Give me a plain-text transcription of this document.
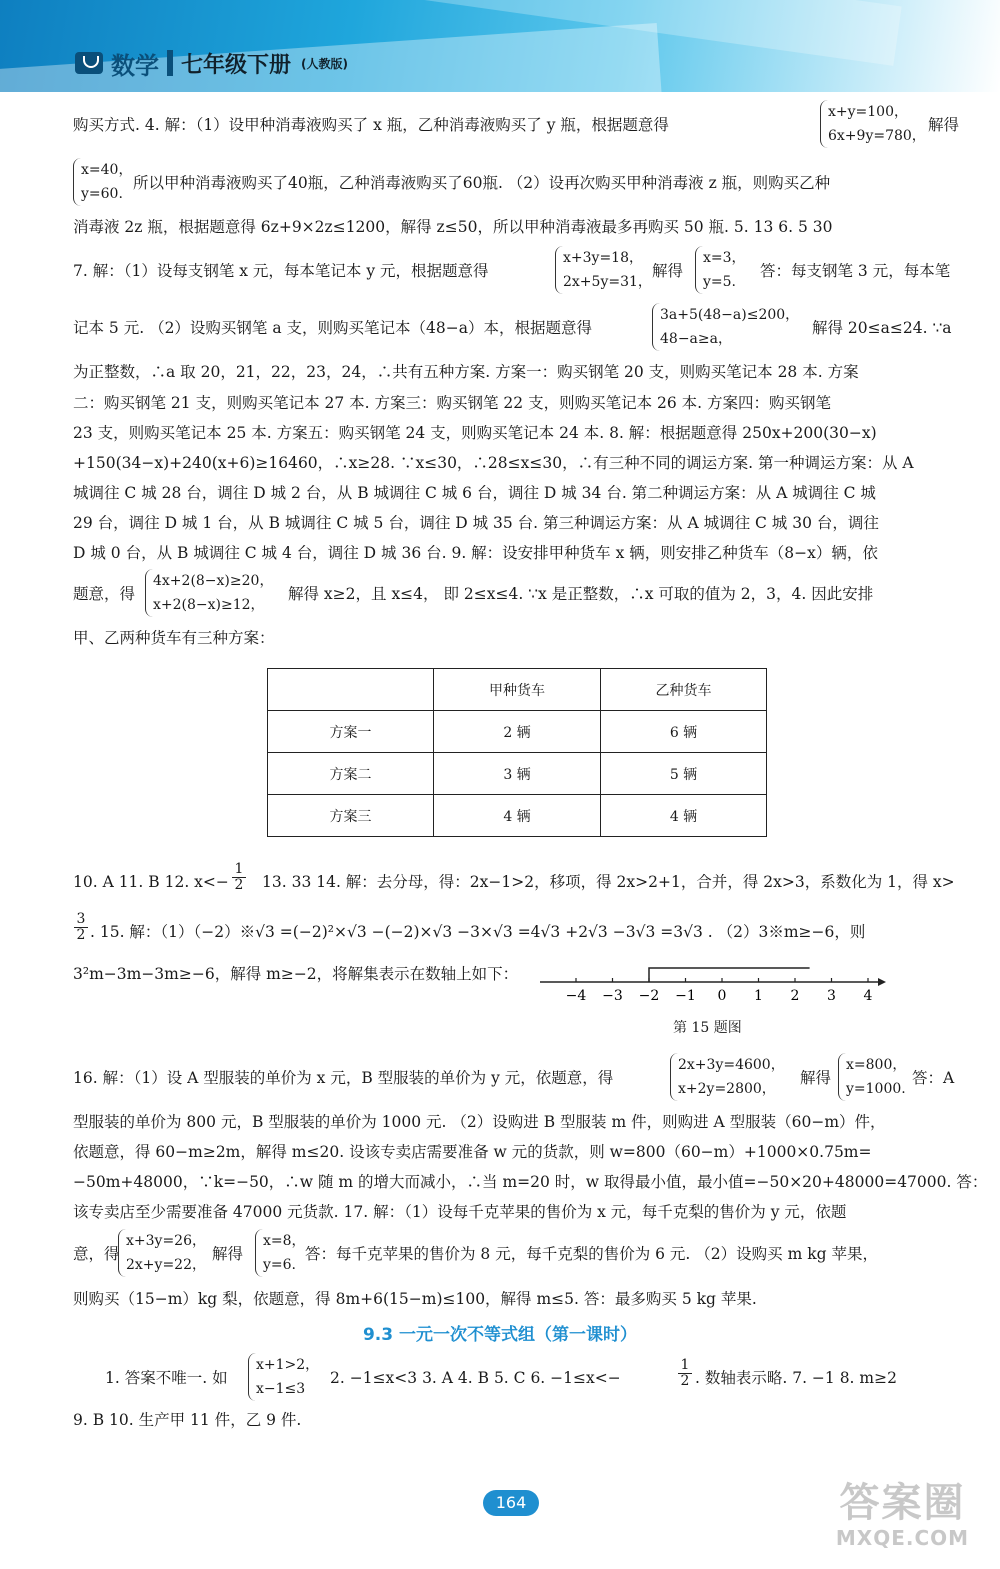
数学 七年级下册 (人教版)
购买方式. 4. 解：（1）设甲种消毒液购买了 x 瓶，乙种消毒液购买了 y 瓶，根据题意得
x+y=100，
6x+9y=780，
解得
x=40，
y=60.
所以甲种消毒液购买了40瓶，乙种消毒液购买了60瓶. （2）设再次购买甲种消毒液 z 瓶，则购买乙种
消毒液 2z 瓶，根据题意得 6z+9×2z≤1200，解得 z≤50，所以甲种消毒液最多再购买 50 瓶. 5. 13 6. 5 30
7. 解：（1）设每支钢笔 x 元，每本笔记本 y 元，根据题意得
x+3y=18，
2x+5y=31，
解得
x=3，
y=5.
答：每支钢笔 3 元，每本笔
记本 5 元. （2）设购买钢笔 a 支，则购买笔记本（48−a）本，根据题意得
3a+5(48−a)≤200，
48−a≥a，
解得 20≤a≤24. ∵a
为正整数，∴a 取 20，21，22，23，24，∴共有五种方案. 方案一：购买钢笔 20 支，则购买笔记本 28 本. 方案
二：购买钢笔 21 支，则购买笔记本 27 本. 方案三：购买钢笔 22 支，则购买笔记本 26 本. 方案四：购买钢笔
23 支，则购买笔记本 25 本. 方案五：购买钢笔 24 支，则购买笔记本 24 本. 8. 解：根据题意得 250x+200(30−x)
+150(34−x)+240(x+6)≥16460，∴x≥28. ∵x≤30，∴28≤x≤30，∴有三种不同的调运方案. 第一种调运方案：从 A
城调往 C 城 28 台，调往 D 城 2 台，从 B 城调往 C 城 6 台，调往 D 城 34 台. 第二种调运方案：从 A 城调往 C 城
29 台，调往 D 城 1 台，从 B 城调往 C 城 5 台，调往 D 城 35 台. 第三种调运方案：从 A 城调往 C 城 30 台，调往
D 城 0 台，从 B 城调往 C 城 4 台，调往 D 城 36 台. 9. 解：设安排甲种货车 x 辆，则安排乙种货车（8−x）辆，依
题意，得
4x+2(8−x)≥20，
x+2(8−x)≥12，
解得 x≥2，且 x≤4， 即 2≤x≤4. ∵x 是正整数，∴x 可取的值为 2，3，4. 因此安排
甲、乙两种货车有三种方案：
	甲种货车	乙种货车
方案一	2 辆	6 辆
方案二	3 辆	5 辆
方案三	4 辆	4 辆
10. A 11. B 12. $x<- \frac{1}{2} 13$. 33 14. 解：去分母，得：2x−1>2，移项，得 2x>2+1，合并，得 2x>3，系数化为 1，得 x>
$\frac{3}{2}$ . 15. 解：（1）（−2）※√3 =(−2)²×√3 −(−2)×√3 −3×√3 =4√3 +2√3 −3√3 =3√3 . （2）3※m≥−6，则
3²m−3m−3m≥−6，解得 m≥−2，将解集表示在数轴上如下：
−4 −3 −2 −1 0 1 2 3 4
第 15 题图
16. 解：（1）设 A 型服装的单价为 x 元，B 型服装的单价为 y 元，依题意，得
2x+3y=4600，
x+2y=2800，
解得
x=800，
y=1000.
答：A
型服装的单价为 800 元，B 型服装的单价为 1000 元. （2）设购进 B 型服装 m 件，则购进 A 型服装（60−m）件，
依题意，得 60−m≥2m，解得 m≤20. 设该专卖店需要准备 w 元的货款，则 w=800（60−m）+1000×0.75m=
−50m+48000，∵k=−50，∴w 随 m 的增大而减小，∴当 m=20 时，w 取得最小值，最小值=−50×20+48000=47000. 答：
该专卖店至少需要准备 47000 元货款. 17. 解：（1）设每千克苹果的售价为 x 元，每千克梨的售价为 y 元，依题
意，得
x+3y=26，
2x+y=22，
解得
x=8，
y=6.
答：每千克苹果的售价为 8 元，每千克梨的售价为 6 元. （2）设购买 m kg 苹果，
则购买（15−m）kg 梨，依题意，得 8m+6(15−m)≤100，解得 m≤5. 答：最多购买 5 kg 苹果.
9.3 一元一次不等式组（第一课时）
1. 答案不唯一. 如
x+1>2，
x−1≤3
2. −1≤x<3 3. A 4. B 5. C 6. −1≤x<−	$\frac{1}{2}$ . 数轴表示略. 7. −1 8. m≥2
9. B 10. 生产甲 11 件，乙 9 件.
164	答案圈
MXQE.COM
